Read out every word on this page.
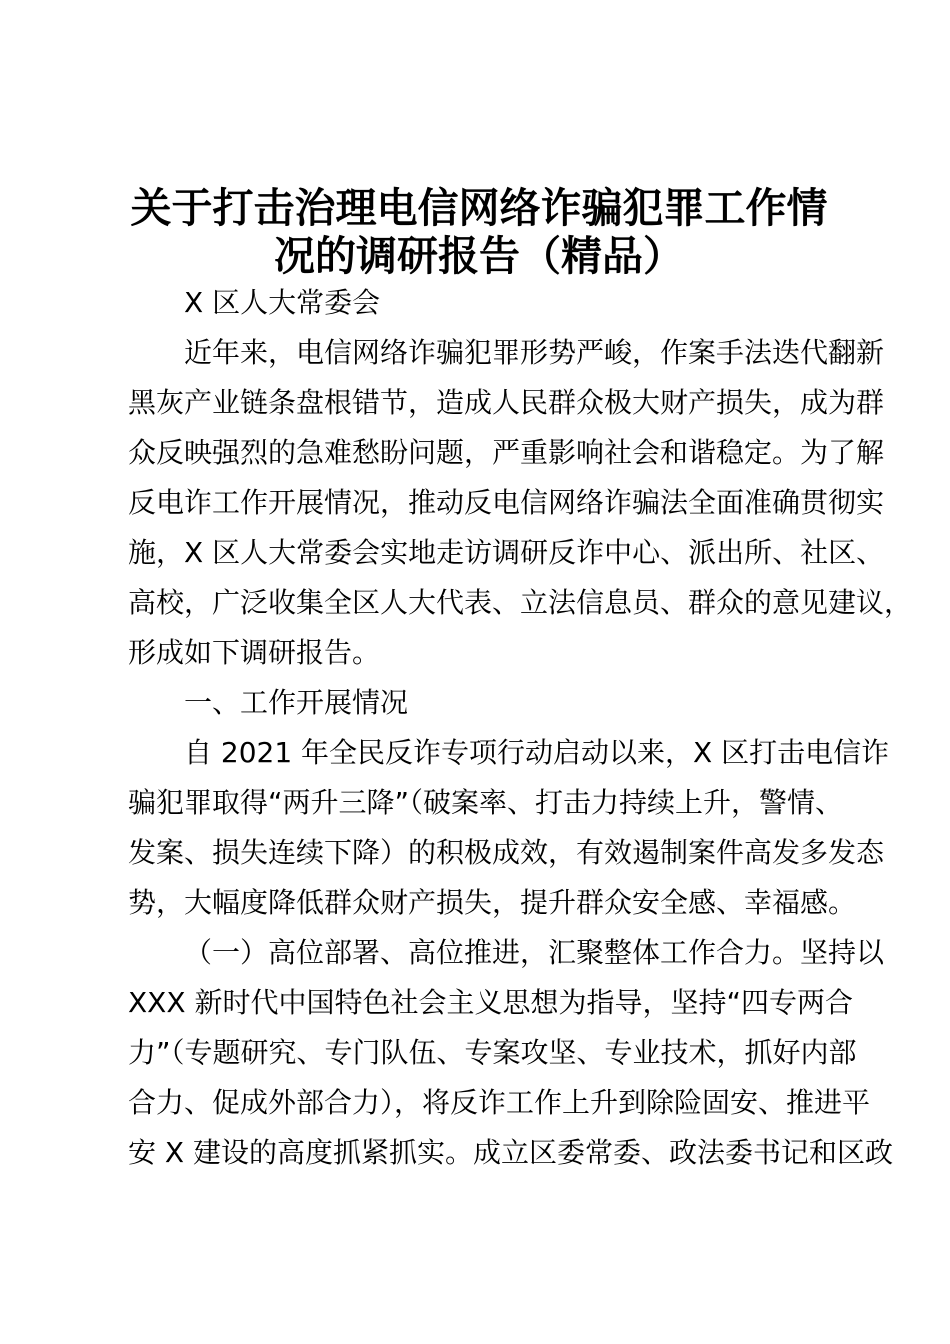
关于打击治理电信网络诈骗犯罪工作情
况的调研报告（精品）
X 区人大常委会
近年来，电信网络诈骗犯罪形势严峻，作案手法迭代翻新
黑灰产业链条盘根错节，造成人民群众极大财产损失，成为群
众反映强烈的急难愁盼问题，严重影响社会和谐稳定。为了解
反电诈工作开展情况，推动反电信网络诈骗法全面准确贯彻实
施，X 区人大常委会实地走访调研反诈中心、派出所、社区、
高校，广泛收集全区人大代表、立法信息员、群众的意见建议，
形成如下调研报告。
一、工作开展情况
自 2021 年全民反诈专项行动启动以来，X 区打击电信诈
骗犯罪取得“两升三降”（破案率、打击力持续上升，警情、
发案、损失连续下降）的积极成效，有效遏制案件高发多发态
势，大幅度降低群众财产损失，提升群众安全感、幸福感。
（一）高位部署、高位推进，汇聚整体工作合力。坚持以
XXX 新时代中国特色社会主义思想为指导，坚持“四专两合
力”（专题研究、专门队伍、专案攻坚、专业技术，抓好内部
合力、促成外部合力），将反诈工作上升到除险固安、推进平
安 X 建设的高度抓紧抓实。成立区委常委、政法委书记和区政
